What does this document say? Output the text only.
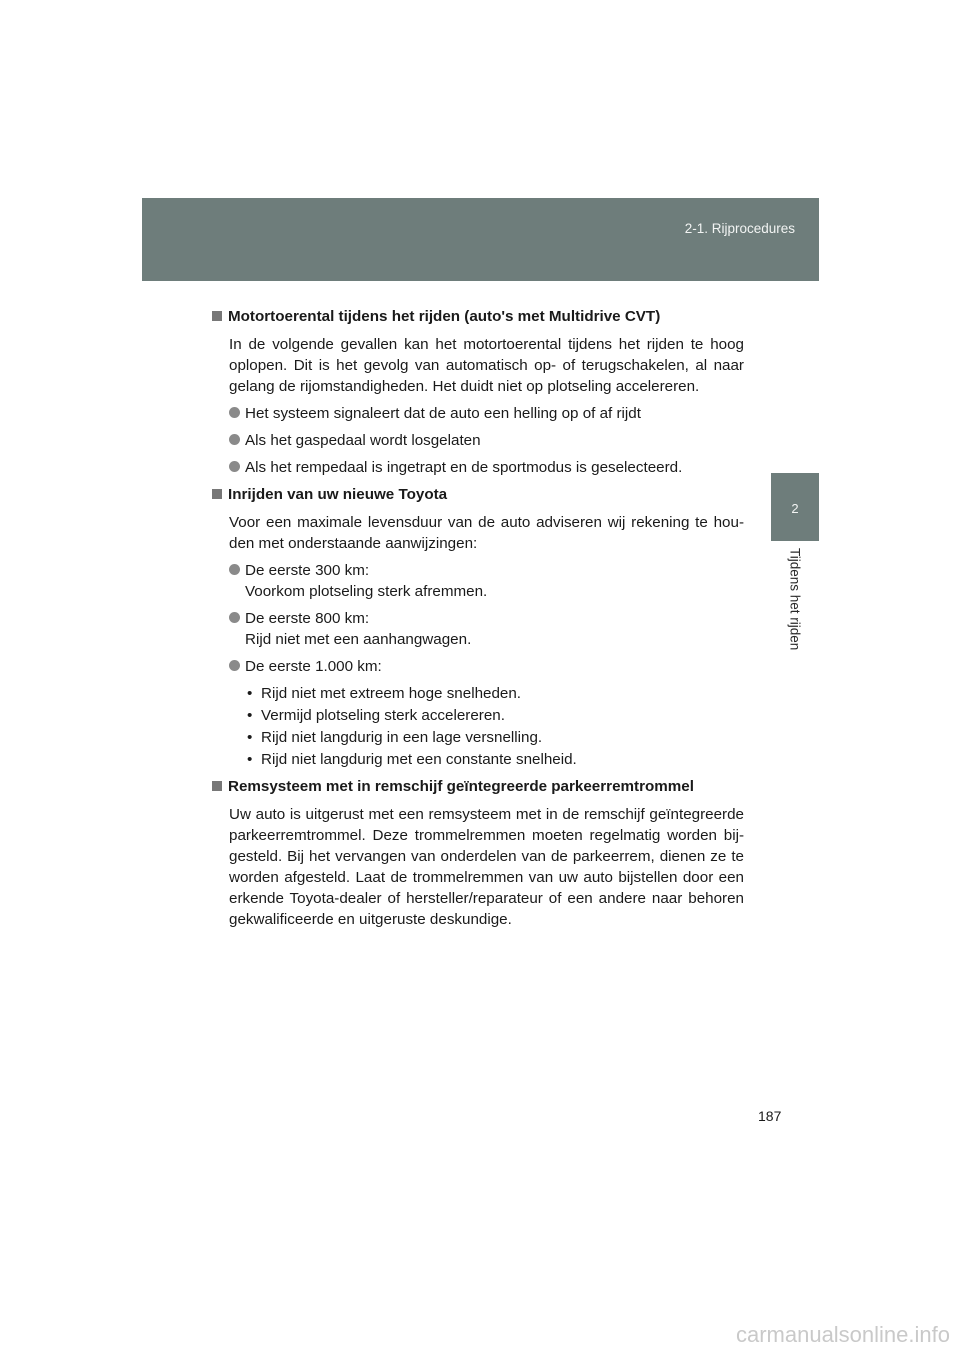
2-1. Rijprocedures
2
Tijdens het rijden
Motortoerental tijdens het rijden (auto's met Multidrive CVT)
In de volgende gevallen kan het motortoerental tijdens het rijden te hoog oplopen. Dit is het gevolg van automatisch op- of terugschakelen, al naar gelang de rijomstandigheden. Het duidt niet op plotseling accelereren.
Het systeem signaleert dat de auto een helling op of af rijdt
Als het gaspedaal wordt losgelaten
Als het rempedaal is ingetrapt en de sportmodus is geselecteerd.
Inrijden van uw nieuwe Toyota
Voor een maximale levensduur van de auto adviseren wij rekening te hou-den met onderstaande aanwijzingen:
De eerste 300 km:
Voorkom plotseling sterk afremmen.
De eerste 800 km:
Rijd niet met een aanhangwagen.
De eerste 1.000 km:
• Rijd niet met extreem hoge snelheden.
• Vermijd plotseling sterk accelereren.
• Rijd niet langdurig in een lage versnelling.
• Rijd niet langdurig met een constante snelheid.
Remsysteem met in remschijf geïntegreerde parkeerremtrommel
Uw auto is uitgerust met een remsysteem met in de remschijf geïntegreerde parkeerremtrommel. Deze trommelremmen moeten regelmatig worden bij-gesteld. Bij het vervangen van onderdelen van de parkeerrem, dienen ze te worden afgesteld. Laat de trommelremmen van uw auto bijstellen door een erkende Toyota-dealer of hersteller/reparateur of een andere naar behoren gekwalificeerde en uitgeruste deskundige.
187
carmanualsonline.info
